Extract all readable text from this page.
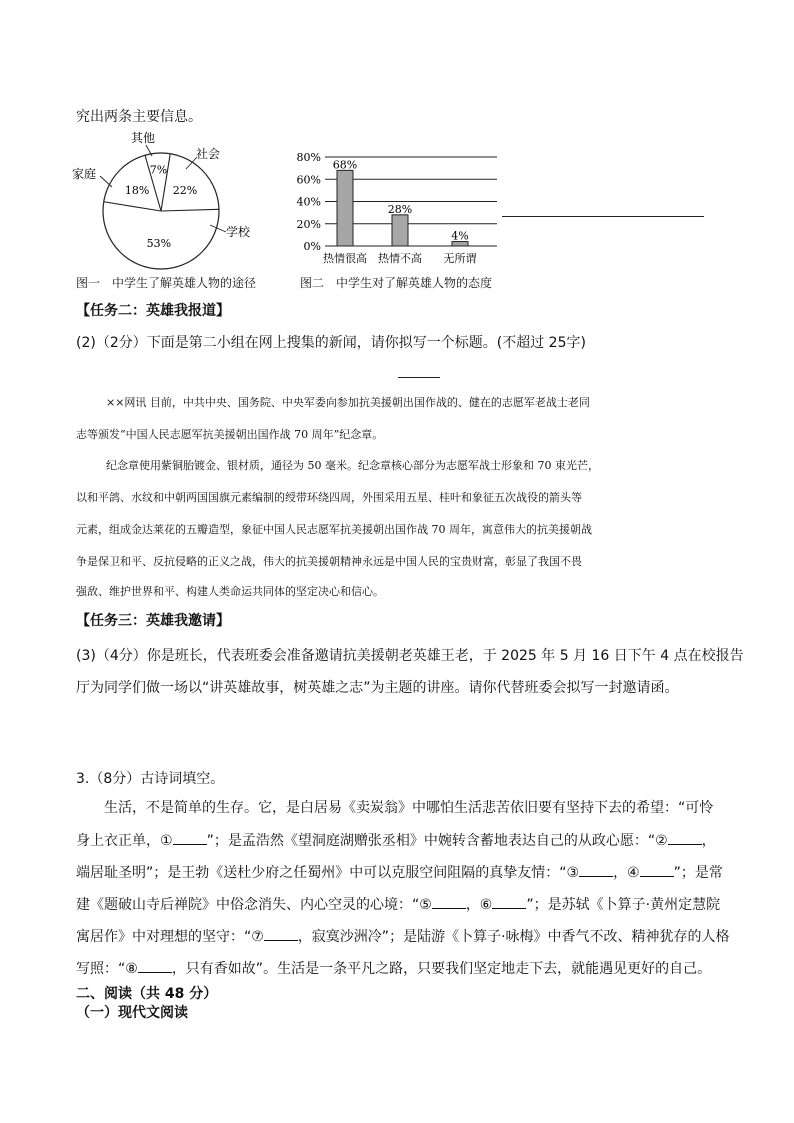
究出两条主要信息。
22%
社会
53%
学校
18%
家庭	7%
其他
图一　中学生了解英雄人物的途径
80%
60%
40%
20%
0%
68%
热情很高
28%
热情不高
4%
无所谓
图二　中学生对了解英雄人物的态度
【任务二：英雄我报道】
(2)（2分）下面是第二小组在网上搜集的新闻，请你拟写一个标题。(不超过 25字)
××网讯 目前，中共中央、国务院、中央军委向参加抗美援朝出国作战的、健在的志愿军老战士老同
志等颁发“中国人民志愿军抗美援朝出国作战 70 周年”纪念章。
纪念章使用紫铜胎镀金、银材质，通径为 50 毫米。纪念章核心部分为志愿军战士形象和 70 束光芒，
以和平鸽、水纹和中朝两国国旗元素编制的绶带环绕四周，外围采用五星、桂叶和象征五次战役的箭头等
元素，组成金达莱花的五瓣造型，象征中国人民志愿军抗美援朝出国作战 70 周年，寓意伟大的抗美援朝战
争是保卫和平、反抗侵略的正义之战，伟大的抗美援朝精神永远是中国人民的宝贵财富，彰显了我国不畏
强敌、维护世界和平、构建人类命运共同体的坚定决心和信心。
【任务三：英雄我邀请】
(3)（4分）你是班长，代表班委会准备邀请抗美援朝老英雄王老，于 2025 年 5 月 16 日下午 4 点在校报告
厅为同学们做一场以“讲英雄故事，树英雄之志”为主题的讲座。请你代替班委会拟写一封邀请函。
3.（8分）古诗词填空。
生活，不是简单的生存。它，是白居易《卖炭翁》中哪怕生活悲苦依旧要有坚持下去的希望：“可怜
身上衣正单，① ”；是孟浩然《望洞庭湖赠张丞相》中婉转含蓄地表达自己的从政心愿：“② ，
端居耻圣明”；是王勃《送杜少府之任蜀州》中可以克服空间阻隔的真挚友情：“③ ，④ ”；是常
建《题破山寺后禅院》中俗念消失、内心空灵的心境：“⑤ ，⑥ ”；是苏轼《卜算子·黄州定慧院
寓居作》中对理想的坚守：“⑦ ，寂寞沙洲冷”；是陆游《卜算子·咏梅》中香气不改、精神犹存的人格
写照：“⑧ ，只有香如故”。生活是一条平凡之路，只要我们坚定地走下去，就能遇见更好的自己。
二、阅读（共 48 分）
（一）现代文阅读
